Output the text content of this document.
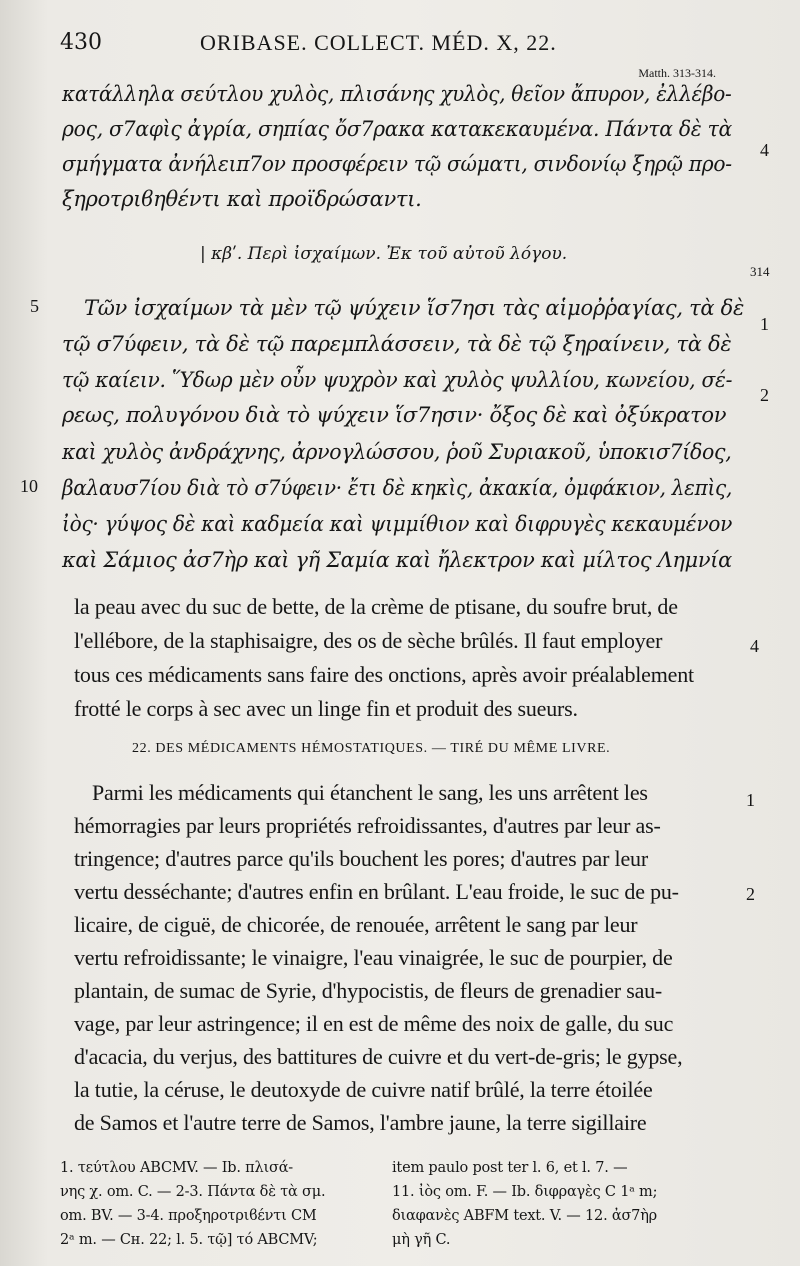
430	ORIBASE. COLLECT. MÉD. X, 22.
Matth. 313-314.
κατάλληλα σεύτλου χυλὸς, πλισάνης χυλὸς, θεῖον ἄπυρον, ἐλλέβο-
ρος, σ7αφὶς ἀγρία, σηπίας ὄσ7ρακα κατακεκαυμένα. Πάντα δὲ τὰ
σμήγματα ἀνήλειπ7ον προσφέρειν τῷ σώματι, σινδονίῳ ξηρῷ προ-
ξηροτριϐηθέντι καὶ προϊδρώσαντι.
4
| κβʹ. Περὶ ἰσχαίμων. Ἐκ τοῦ αὐτοῦ λόγου.
314
5 Τῶν ἰσχαίμων τὰ μὲν τῷ ψύχειν ἵσ7ησι τὰς αἱμοῤῥαγίας, τὰ δὲ
τῷ σ7ύφειν, τὰ δὲ τῷ παρεμπλάσσειν, τὰ δὲ τῷ ξηραίνειν, τὰ δὲ
τῷ καίειν. Ὕδωρ μὲν οὖν ψυχρὸν καὶ χυλὸς ψυλλίου, κωνείου, σέ-
ρεως, πολυγόνου διὰ τὸ ψύχειν ἵσ7ησιν· ὄξος δὲ καὶ ὀξύκρατον
καὶ χυλὸς ἀνδράχνης, ἀρνογλώσσου, ῥοῦ Συριακοῦ, ὑποκισ7ίδος,
10 βαλαυσ7ίου διὰ τὸ σ7ύφειν· ἔτι δὲ κηκὶς, ἀκακία, ὀμφάκιον, λεπὶς,
ἰὸς· γύψος δὲ καὶ καδμεία καὶ ψιμμίθιον καὶ διφρυγὲς κεκαυμένον
καὶ Σάμιος ἀσ7ὴρ καὶ γῆ Σαμία καὶ ἤλεκτρον καὶ μίλτος Λημνία
1
2
la peau avec du suc de bette, de la crème de ptisane, du soufre brut, de
l'ellébore, de la staphisaigre, des os de sèche brûlés. Il faut employer
tous ces médicaments sans faire des onctions, après avoir préalablement
frotté le corps à sec avec un linge fin et produit des sueurs.
4
22. DES MÉDICAMENTS HÉMOSTATIQUES. — TIRÉ DU MÊME LIVRE.
Parmi les médicaments qui étanchent le sang, les uns arrêtent les
hémorragies par leurs propriétés refroidissantes, d'autres par leur as-
tringence; d'autres parce qu'ils bouchent les pores; d'autres par leur
vertu desséchante; d'autres enfin en brûlant. L'eau froide, le suc de pu-
licaire, de ciguë, de chicorée, de renouée, arrêtent le sang par leur
vertu refroidissante; le vinaigre, l'eau vinaigrée, le suc de pourpier, de
plantain, de sumac de Syrie, d'hypocistis, de fleurs de grenadier sau-
vage, par leur astringence; il en est de même des noix de galle, du suc
d'acacia, du verjus, des battitures de cuivre et du vert-de-gris; le gypse,
la tutie, la céruse, le deutoxyde de cuivre natif brûlé, la terre étoilée
de Samos et l'autre terre de Samos, l'ambre jaune, la terre sigillaire
1
2
1. τεύτλου ABCMV. — Ib. πλισά-
νης χ. om. C. — 2-3. Πάντα δὲ τὰ σμ.
om. BV. — 3-4. προξηροτριϐέντι CM
2ᵃ m. — Cʜ. 22; l. 5. τῷ] τό ABCMV;
item paulo post ter l. 6, et l. 7. —
11. ἰὸς om. F. — Ib. διφραγὲς C 1ᵃ m;
διαφανὲς ABFM text. V. — 12. ἀσ7ὴρ
μὴ γῆ C.
